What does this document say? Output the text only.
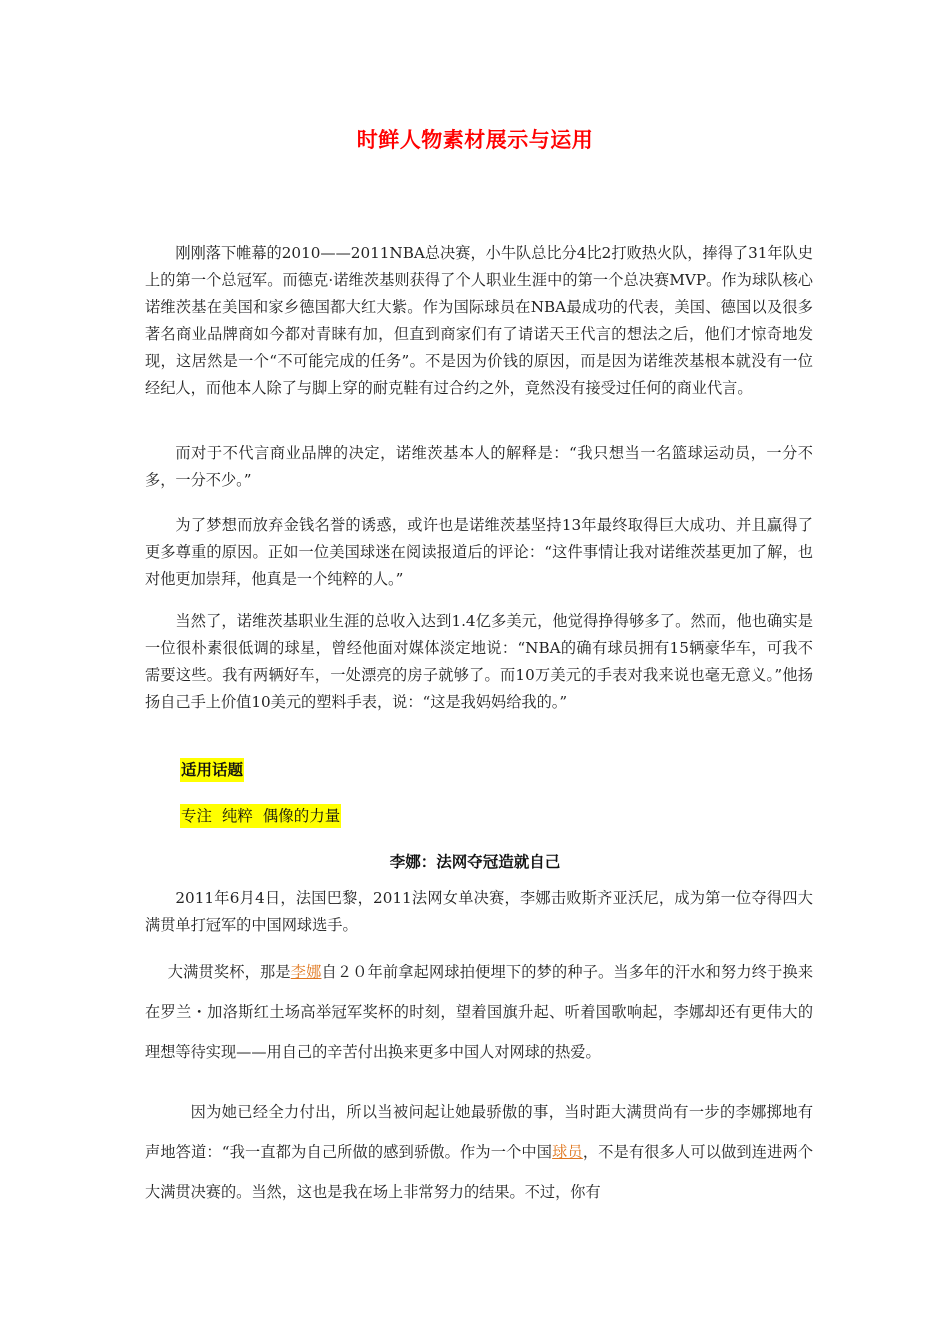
时鲜人物素材展示与运用

刚刚落下帷幕的2010——2011NBA总决赛，小牛队总比分4比2打败热火队，捧得了31年队史上的第一个总冠军。而德克·诺维茨基则获得了个人职业生涯中的第一个总决赛MVP。作为球队核心诺维茨基在美国和家乡德国都大红大紫。作为国际球员在NBA最成功的代表，美国、德国以及很多著名商业品牌商如今都对青睐有加，但直到商家们有了请诺天王代言的想法之后，他们才惊奇地发现，这居然是一个“不可能完成的任务”。不是因为价钱的原因，而是因为诺维茨基根本就没有一位经纪人，而他本人除了与脚上穿的耐克鞋有过合约之外，竟然没有接受过任何的商业代言。

而对于不代言商业品牌的决定，诺维茨基本人的解释是：“我只想当一名篮球运动员，一分不多，一分不少。”

为了梦想而放弃金钱名誉的诱惑，或许也是诺维茨基坚持13年最终取得巨大成功、并且赢得了更多尊重的原因。正如一位美国球迷在阅读报道后的评论：“这件事情让我对诺维茨基更加了解，也对他更加崇拜，他真是一个纯粹的人。”

当然了，诺维茨基职业生涯的总收入达到1.4亿多美元，他觉得挣得够多了。然而，他也确实是一位很朴素很低调的球星，曾经他面对媒体淡定地说：“NBA的确有球员拥有15辆豪华车，可我不需要这些。我有两辆好车，一处漂亮的房子就够了。而10万美元的手表对我来说也毫无意义。”他扬扬自己手上价值10美元的塑料手表，说：“这是我妈妈给我的。”

适用话题
专注  纯粹  偶像的力量
李娜：法网夺冠造就自己

2011年6月4日，法国巴黎，2011法网女单决赛，李娜击败斯齐亚沃尼，成为第一位夺得四大满贯单打冠军的中国网球选手。

大满贯奖杯，那是李娜自２０年前拿起网球拍便埋下的梦的种子。当多年的汗水和努力终于换来在罗兰・加洛斯红土场高举冠军奖杯的时刻，望着国旗升起、听着国歌响起，李娜却还有更伟大的理想等待实现——用自己的辛苦付出换来更多中国人对网球的热爱。

因为她已经全力付出，所以当被问起让她最骄傲的事，当时距大满贯尚有一步的李娜掷地有声地答道：“我一直都为自己所做的感到骄傲。作为一个中国球员，不是有很多人可以做到连进两个大满贯决赛的。当然，这也是我在场上非常努力的结果。不过，你有
